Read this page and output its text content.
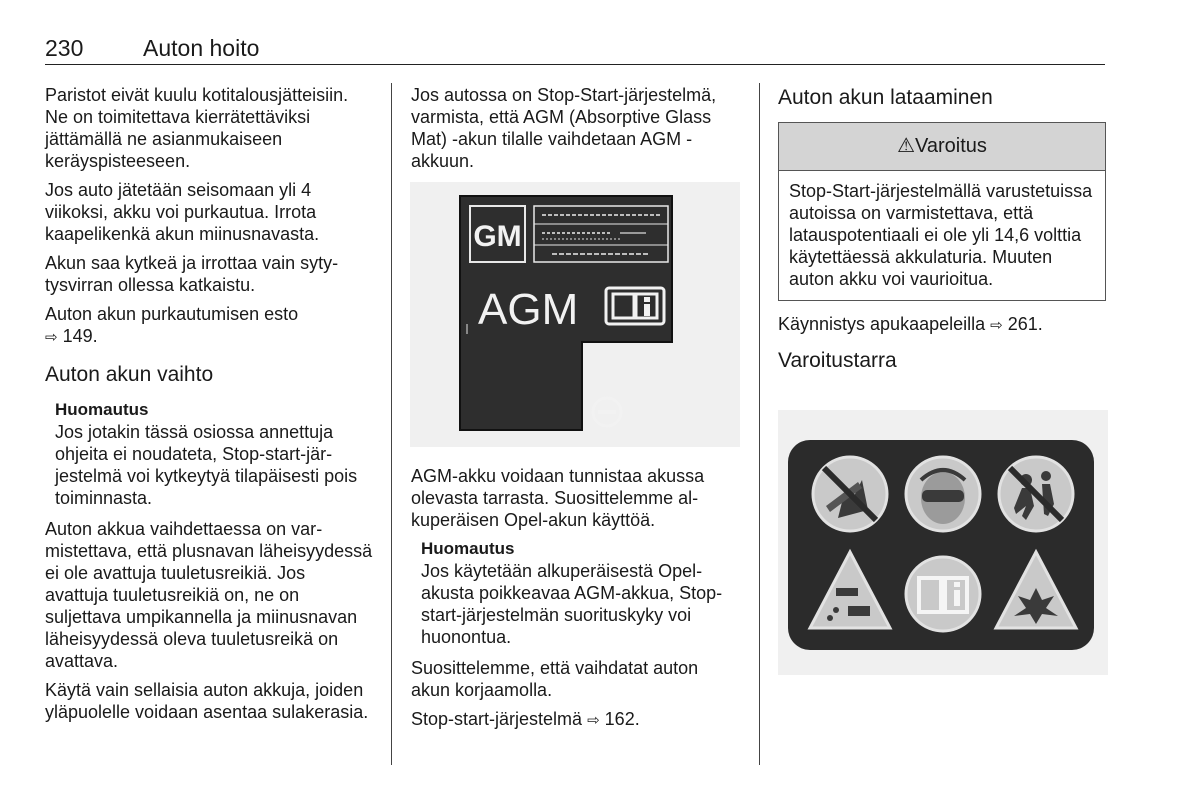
230	Auton hoito

Paristot eivät kuulu kotitalousjätteisiin. Ne on toimitettava kierrätettäviksi jättämällä ne asianmukaiseen keräyspisteeseen.

Jos auto jätetään seisomaan yli 4 viikoksi, akku voi purkautua. Irrota kaapelikenkä akun miinusnavasta.

Akun saa kytkeä ja irrottaa vain sytytysvirran ollessa katkaistu.

Auton akun purkautumisen esto
⇨ 149.

Auton akun vaihto
Huomautus
Jos jotakin tässä osiossa annettuja ohjeita ei noudateta, Stop-start-järjestelmä voi kytkeytyä tilapäisesti pois toiminnasta.

Auton akkua vaihdettaessa on varmistettava, että plusnavan läheisyydessä ei ole avattuja tuuletusreikiä. Jos avattuja tuuletusreikiä on, ne on suljettava umpikannella ja miinusnavan läheisyydessä oleva tuuletusreikä on avattava.

Käytä vain sellaisia auton akkuja, joiden yläpuolelle voidaan asentaa sulakerasia.

Jos autossa on Stop-Start-järjestelmä, varmista, että AGM (Absorptive Glass Mat) -akun tilalle vaihdetaan AGM -akkuun.

GM
AGM

AGM-akku voidaan tunnistaa akussa olevasta tarrasta. Suosittelemme alkuperäisen Opel-akun käyttöä.

Huomautus
Jos käytetään alkuperäisestä Opelakusta poikkeavaa AGM-akkua, Stop-start-järjestelmän suorituskyky voi huonontua.

Suosittelemme, että vaihdatat auton akun korjaamolla.

Stop-start-järjestelmä ⇨ 162.

Auton akun lataaminen
⚠Varoitus
Stop-Start-järjestelmällä varustetuissa autoissa on varmistettava, että latauspotentiaali ei ole yli 14,6 volttia käytettäessä akkulaturia. Muuten auton akku voi vaurioitua.

Käynnistys apukaapeleilla ⇨ 261.

Varoitustarra
